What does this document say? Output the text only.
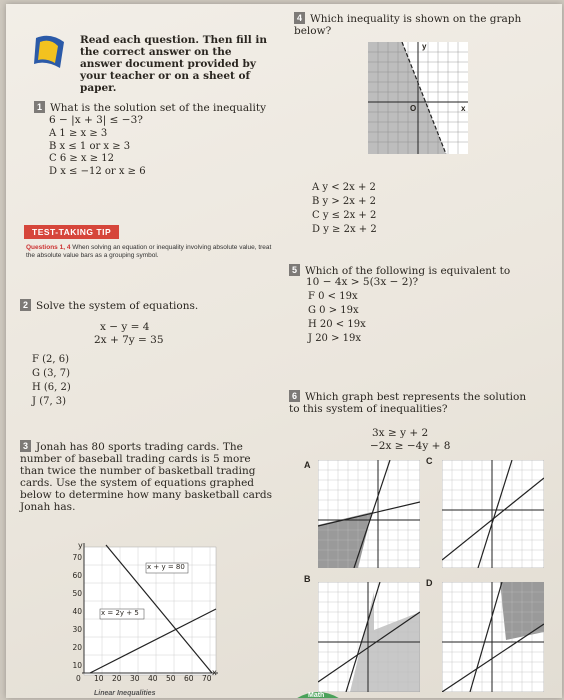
Read each question. Then fill in the correct answer on the answer document provided by your teacher or on a sheet of paper.
1 What is the solution set of the inequality
6 − |x + 3| ≤ −3?
A 1 ≥ x ≥ 3
B x ≤ 1 or x ≥ 3
C 6 ≥ x ≥ 12
D x ≤ −12 or x ≥ 6
TEST-TAKING TIP
Questions 1, 4 When solving an equation or inequality involving absolute value, treat the absolute value bars as a grouping symbol.
2 Solve the system of equations.
x − y = 4
2x + 7y = 35
F (2, 6)
G (3, 7)
H (6, 2)
J (7, 3)
3 Jonah has 80 sports trading cards. The number of baseball trading cards is 5 more than twice the number of basketball trading cards. Use the system of equations graphed below to determine how many basketball cards Jonah has.
x + y = 80
x = 2y + 5
y
x
70
60
50
40
30
20
10
0 10 20 30 40 50 60 70
Linear Inequalities
4 Which inequality is shown on the graph below?
y
x
O
A y < 2x + 2
B y > 2x + 2
C y ≤ 2x + 2
D y ≥ 2x + 2
5 Which of the following is equivalent to
10 − 4x > 5(3x − 2)?
F 0 < 19x
G 0 > 19x
H 20 < 19x
J 20 > 19x
6 Which graph best represents the solution to this system of inequalities?
3x ≥ y + 2
−2x ≥ −4y + 8
A	C
B	D
Math
